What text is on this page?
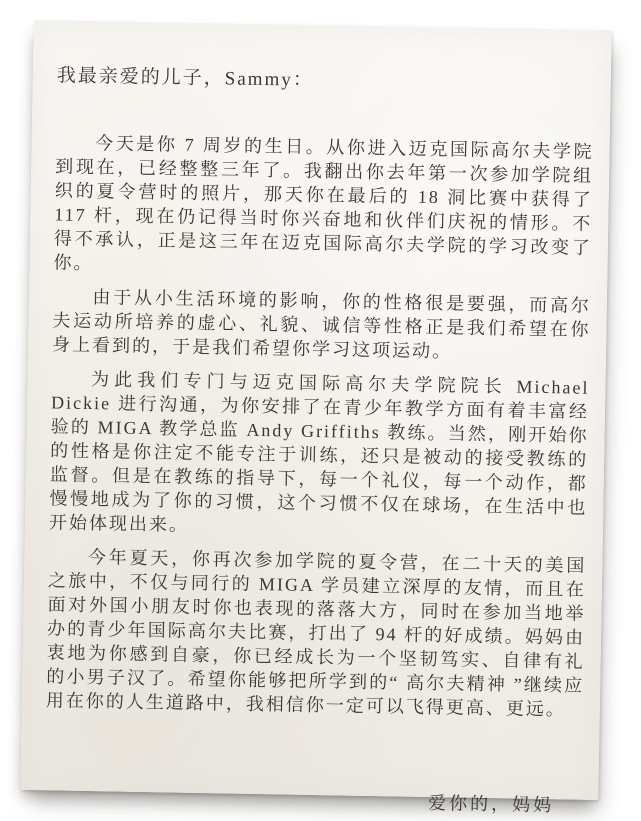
我最亲爱的儿子，Sammy：

今天是你 7 周岁的生日。从你进入迈克国际高尔夫学院到现在，已经整整三年了。我翻出你去年第一次参加学院组织的夏令营时的照片，那天你在最后的 18 洞比赛中获得了 117 杆，现在仍记得当时你兴奋地和伙伴们庆祝的情形。不得不承认，正是这三年在迈克国际高尔夫学院的学习改变了你。

由于从小生活环境的影响，你的性格很是要强，而高尔夫运动所培养的虚心、礼貌、诚信等性格正是我们希望在你身上看到的，于是我们希望你学习这项运动。

为此我们专门与迈克国际高尔夫学院院长 Michael Dickie 进行沟通，为你安排了在青少年教学方面有着丰富经验的 MIGA 教学总监 Andy Griffiths 教练。当然，刚开始你的性格是你注定不能专注于训练，还只是被动的接受教练的监督。但是在教练的指导下，每一个礼仪，每一个动作，都慢慢地成为了你的习惯，这个习惯不仅在球场，在生活中也开始体现出来。

今年夏天，你再次参加学院的夏令营，在二十天的美国之旅中，不仅与同行的 MIGA 学员建立深厚的友情，而且在面对外国小朋友时你也表现的落落大方，同时在参加当地举办的青少年国际高尔夫比赛，打出了 94 杆的好成绩。妈妈由衷地为你感到自豪，你已经成长为一个坚韧笃实、自律有礼的小男子汉了。希望你能够把所学到的“ 高尔夫精神 ”继续应用在你的人生道路中，我相信你一定可以飞得更高、更远。

爱你的，妈妈
